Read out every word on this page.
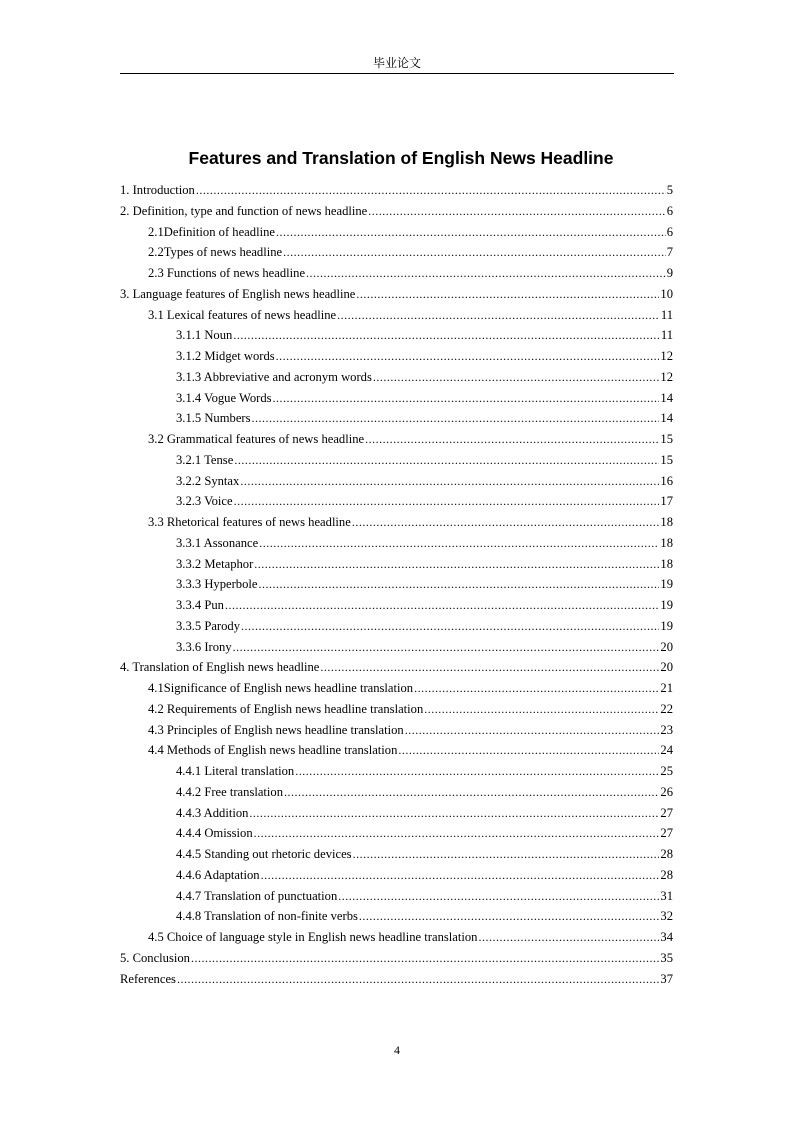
毕业论文
Features and Translation of English News Headline
1. Introduction .....	5
2. Definition, type and function of news headline .....	6
2.1Definition of headline .....	6
2.2Types of news headline .....	7
2.3 Functions of news headline .....	9
3. Language features of English news headline .....	10
3.1 Lexical features of news headline .....	11
3.1.1 Noun .....	11
3.1.2 Midget words .....	12
3.1.3 Abbreviative and acronym words .....	12
3.1.4 Vogue Words .....	14
3.1.5 Numbers .....	14
3.2 Grammatical features of news headline .....	15
3.2.1 Tense .....	15
3.2.2 Syntax .....	16
3.2.3 Voice .....	17
3.3 Rhetorical features of news headline .....	18
3.3.1 Assonance .....	18
3.3.2 Metaphor .....	18
3.3.3 Hyperbole .....	19
3.3.4 Pun .....	19
3.3.5 Parody .....	19
3.3.6 Irony .....	20
4. Translation of English news headline .....	20
4.1Significance of English news headline translation .....	21
4.2 Requirements of English news headline translation .....	22
4.3 Principles of English news headline translation .....	23
4.4 Methods of English news headline translation .....	24
4.4.1 Literal translation .....	25
4.4.2 Free translation .....	26
4.4.3 Addition .....	27
4.4.4 Omission .....	27
4.4.5 Standing out rhetoric devices .....	28
4.4.6 Adaptation .....	28
4.4.7 Translation of punctuation .....	31
4.4.8 Translation of non-finite verbs .....	32
4.5 Choice of language style in English news headline translation .....	34
5. Conclusion .....	35
References .....	37
4
